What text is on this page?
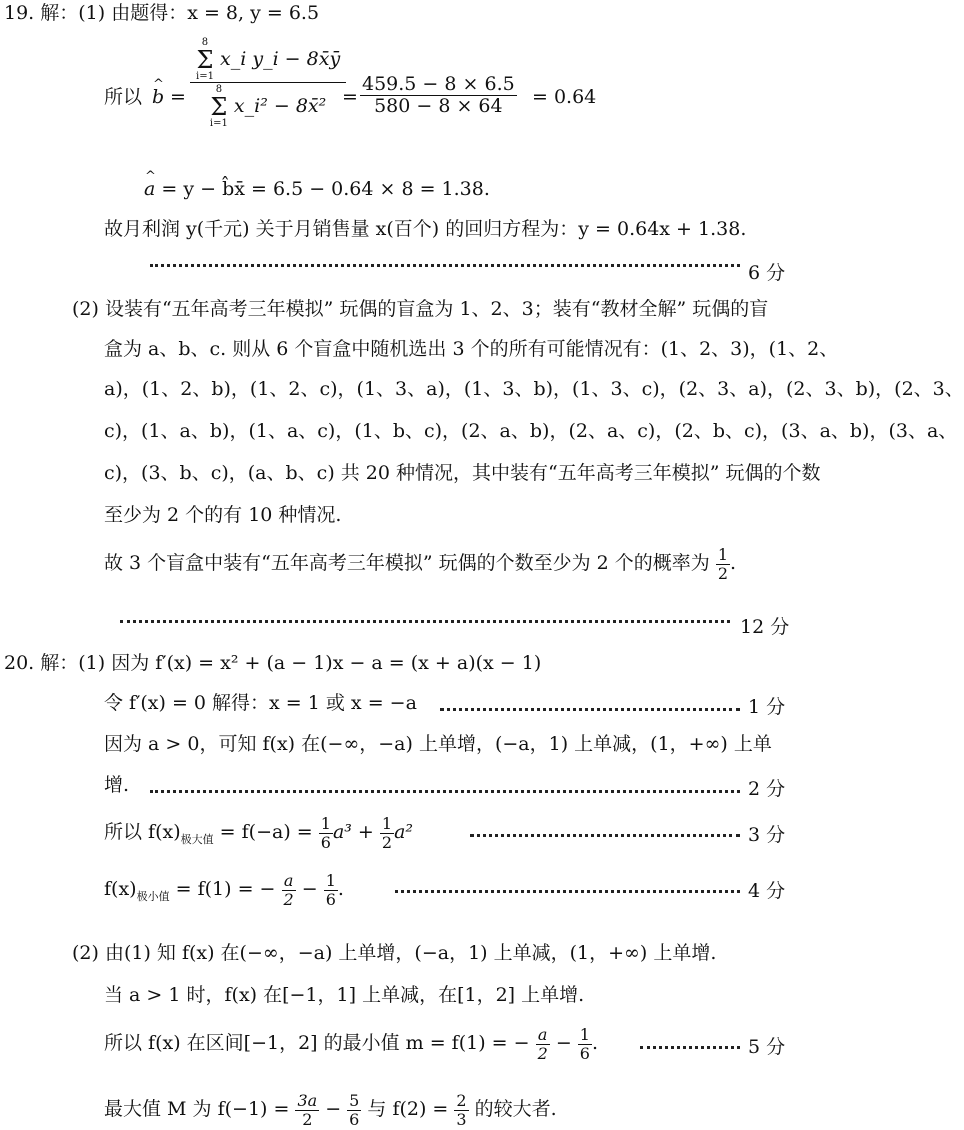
19. 解：(1) 由题得：x = 8, y = 6.5
所以 ^ b = 8
Σ
i=1
x_i y_i − 8x̄ȳ
8
Σ
i=1
x_i² − 8x̄²
= $\frac{459.5 - 8 \times 6.5}{580 - 8 \times 64} = 0.64$
^ a = y − b̂x̄ = 6.5 − 0.64 × 8 = 1.38.
故月利润 y(千元) 关于月销售量 x(百个) 的回归方程为：y = 0.64x + 1.38.
6 分
(2) 设装有“五年高考三年模拟” 玩偶的盲盒为 1、2、3；装有“教材全解” 玩偶的盲
盒为 a、b、c. 则从 6 个盲盒中随机选出 3 个的所有可能情况有：(1、2、3)，(1、2、
a)，(1、2、b)，(1、2、c)，(1、3、a)，(1、3、b)，(1、3、c)，(2、3、a)，(2、3、b)，(2、3、
c)，(1、a、b)，(1、a、c)，(1、b、c)，(2、a、b)，(2、a、c)，(2、b、c)，(3、a、b)，(3、a、
c)，(3、b、c)，(a、b、c) 共 20 种情况，其中装有“五年高考三年模拟” 玩偶的个数
至少为 2 个的有 10 种情况.
故 3 个盲盒中装有“五年高考三年模拟” 玩偶的个数至少为 2 个的概率为 $\frac{1}{2}$ .
12 分
20. 解：(1) 因为 f′(x) = x² + (a − 1)x − a = (x + a)(x − 1)
令 f′(x) = 0 解得：x = 1 或 x = −a	1 分
因为 a > 0，可知 f(x) 在(−∞，−a) 上单增，(−a，1) 上单减，(1，+∞) 上单
增.	2 分
所以 $f(x)_{极大值} = f(-a) = \frac{1}{6} a^3 + \frac{1}{2} a^2$	3 分
$f(x)_{极小值} = f(1)$ = − $\frac{a}{2} - \frac{1}{6}$ .	4 分
(2) 由(1) 知 f(x) 在(−∞，−a) 上单增，(−a，1) 上单减，(1，+∞) 上单增.
当 a > 1 时，f(x) 在[−1，1] 上单减，在[1，2] 上单增.
所以 f(x) 在区间[−1，2] 的最小值 m = f(1) = − $\frac{a}{2} - \frac{1}{6}$ .	5 分
最大值 M 为 $f(-1) = \frac{3a}{2} - \frac{5}{6}$ 与 $f(2) = \frac{2}{3}$ 的较大者.
